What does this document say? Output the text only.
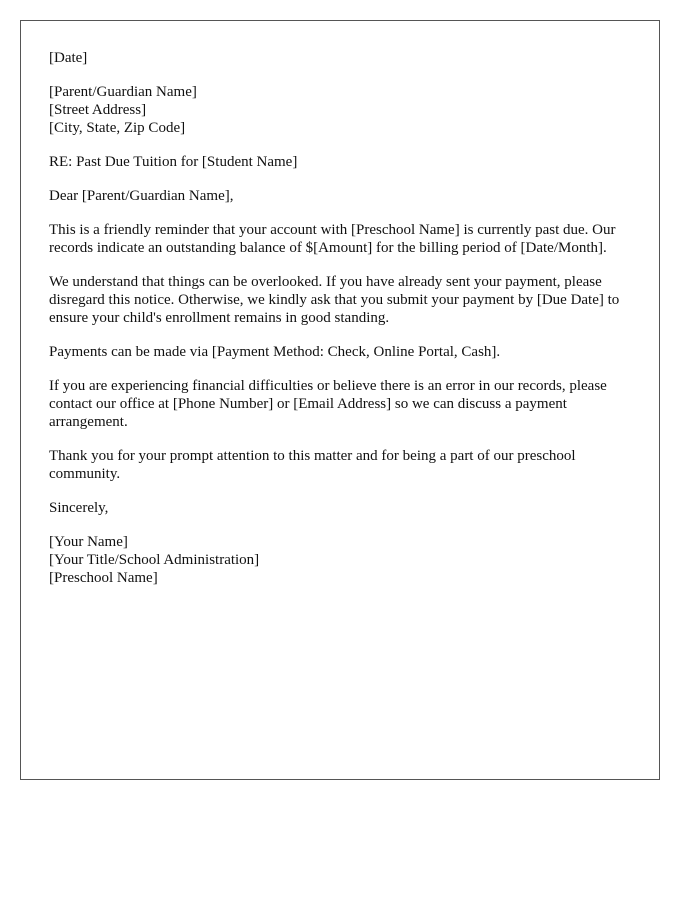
[Date]
[Parent/Guardian Name]
[Street Address]
[City, State, Zip Code]
RE: Past Due Tuition for [Student Name]
Dear [Parent/Guardian Name],

This is a friendly reminder that your account with [Preschool Name] is currently past due. Our records indicate an outstanding balance of $[Amount] for the billing period of [Date/Month].

We understand that things can be overlooked. If you have already sent your payment, please disregard this notice. Otherwise, we kindly ask that you submit your payment by [Due Date] to ensure your child's enrollment remains in good standing.

Payments can be made via [Payment Method: Check, Online Portal, Cash].

If you are experiencing financial difficulties or believe there is an error in our records, please contact our office at [Phone Number] or [Email Address] so we can discuss a payment arrangement.

Thank you for your prompt attention to this matter and for being a part of our preschool community.

Sincerely,
[Your Name]
[Your Title/School Administration]
[Preschool Name]
